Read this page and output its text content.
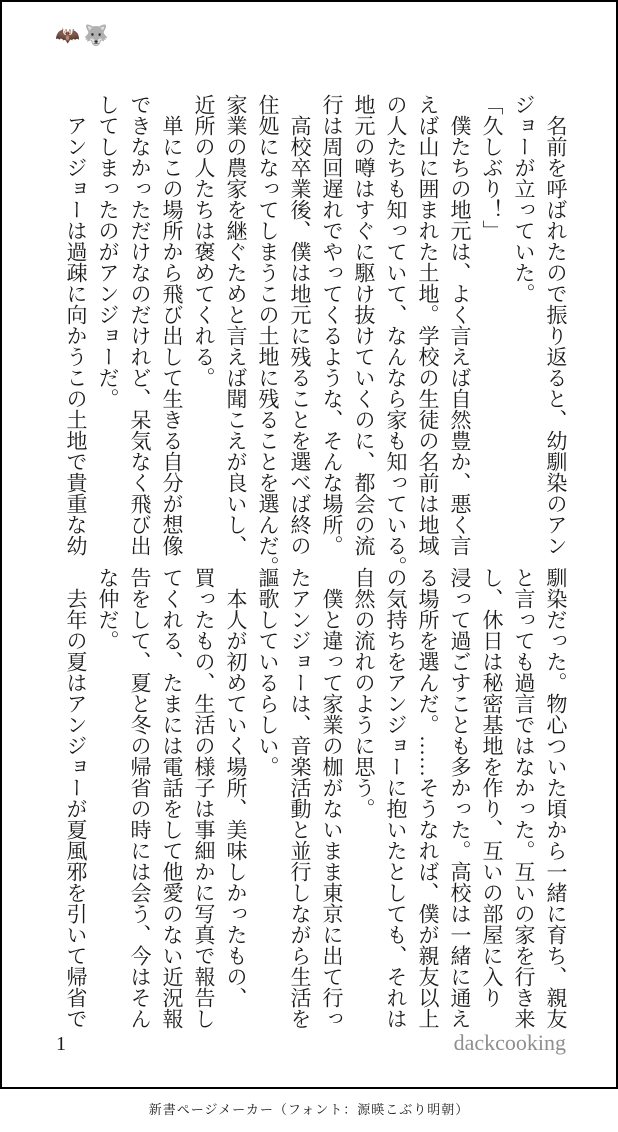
🦇🐺

　名前を呼ばれたので振り返ると、幼馴染のアン

ジョーが立っていた。

「久しぶり！」

　僕たちの地元は、よく言えば自然豊か、悪く言

えば山に囲まれた土地。学校の生徒の名前は地域

の人たちも知っていて、なんなら家も知っている。

地元の噂はすぐに駆け抜けていくのに、都会の流

行は周回遅れでやってくるような、そんな場所。

　高校卒業後、僕は地元に残ることを選べば終の

住処になってしまうこの土地に残ることを選んだ。

家業の農家を継ぐためと言えば聞こえが良いし、

近所の人たちは褒めてくれる。

　単にこの場所から飛び出して生きる自分が想像

できなかっただけなのだけれど、呆気なく飛び出

してしまったのがアンジョーだ。

　アンジョーは過疎に向かうこの土地で貴重な幼

馴染だった。物心ついた頃から一緒に育ち、親友

と言っても過言ではなかった。互いの家を行き来

し、休日は秘密基地を作り、互いの部屋に入り

浸って過ごすことも多かった。高校は一緒に通え

る場所を選んだ。……そうなれば、僕が親友以上

の気持ちをアンジョーに抱いたとしても、それは

自然の流れのように思う。

　僕と違って家業の枷がないまま東京に出て行っ

たアンジョーは、音楽活動と並行しながら生活を

謳歌しているらしい。

　本人が初めていく場所、美味しかったもの、

買ったもの、生活の様子は事細かに写真で報告し

てくれる、たまには電話をして他愛のない近況報

告をして、夏と冬の帰省の時には会う、今はそん

な仲だ。

　去年の夏はアンジョーが夏風邪を引いて帰省で

1	dackcooking
新書ページメーカー（フォント：源暎こぶり明朝）
